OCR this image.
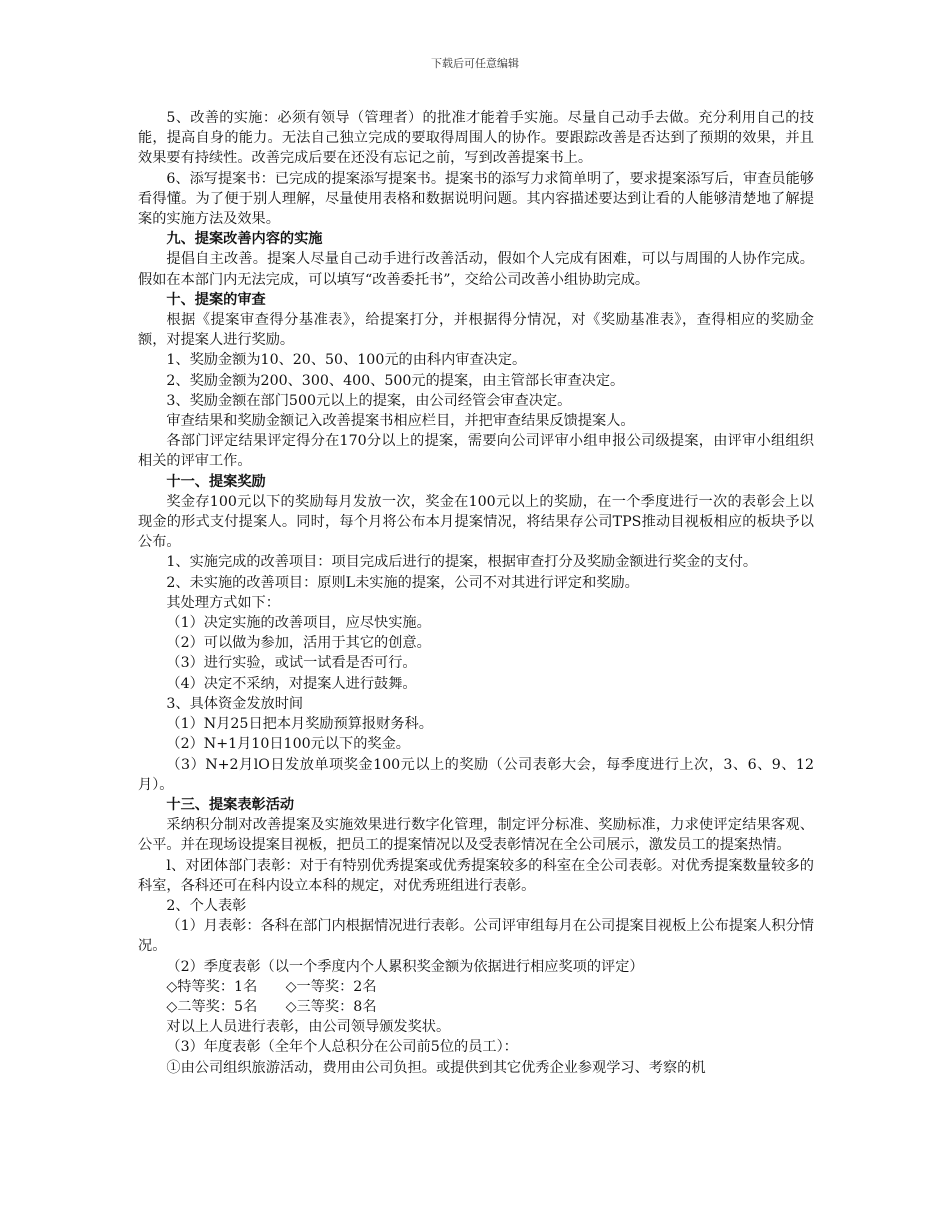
下载后可任意编辑

5、改善的实施：必须有领导（管理者）的批准才能着手实施。尽量自己动手去做。充分利用自己的技能，提高自身的能力。无法自己独立完成的要取得周围人的协作。要跟踪改善是否达到了预期的效果，并且效果要有持续性。改善完成后要在还没有忘记之前，写到改善提案书上。

6、添写提案书：已完成的提案添写提案书。提案书的添写力求简单明了，要求提案添写后，审查员能够看得懂。为了便于别人理解，尽量使用表格和数据说明问题。其内容描述要达到让看的人能够清楚地了解提案的实施方法及效果。

九、提案改善内容的实施

提倡自主改善。提案人尽量自己动手进行改善活动，假如个人完成有困难，可以与周围的人协作完成。假如在本部门内无法完成，可以填写“改善委托书”，交给公司改善小组协助完成。

十、提案的审查

根据《提案审查得分基准表》，给提案打分，并根据得分情况，对《奖励基准表》，查得相应的奖励金额，对提案人进行奖励。

1、奖励金额为10、20、50、100元的由科内审查决定。

2、奖励金额为200、300、400、500元的提案，由主管部长审查决定。

3、奖励金额在部门500元以上的提案，由公司经管会审查决定。

审查结果和奖励金额记入改善提案书相应栏目，并把审查结果反馈提案人。

各部门评定结果评定得分在170分以上的提案，需要向公司评审小组申报公司级提案，由评审小组组织相关的评审工作。

十一、提案奖励

奖金存100元以下的奖励每月发放一次，奖金在100元以上的奖励，在一个季度进行一次的表彰会上以现金的形式支付提案人。同时，每个月将公布本月提案情况，将结果存公司TPS推动目视板相应的板块予以公布。

1、实施完成的改善项目：项目完成后进行的提案，根据审查打分及奖励金额进行奖金的支付。

2、未实施的改善项目：原则L未实施的提案，公司不对其进行评定和奖励。

其处理方式如下：

（1）决定实施的改善项目，应尽快实施。

（2）可以做为参加，活用于其它的创意。

（3）进行实验，或试一试看是否可行。

（4）决定不采纳，对提案人进行鼓舞。

3、具体资金发放时间

（1）N月25日把本月奖励预算报财务科。

（2）N+1月10日100元以下的奖金。

（3）N+2月lO日发放单项奖金100元以上的奖励（公司表彰大会，每季度进行上次，3、6、9、12月）。

十三、提案表彰活动

采纳积分制对改善提案及实施效果进行数字化管理，制定评分标准、奖励标准，力求使评定结果客观、公平。并在现场设提案目视板，把员工的提案情况以及受表彰情况在全公司展示，激发员工的提案热情。

l、对团体部门表彰：对于有特别优秀提案或优秀提案较多的科室在全公司表彰。对优秀提案数量较多的科室，各科还可在科内设立本科的规定，对优秀班组进行表彰。

2、个人表彰

（1）月表彰：各科在部门内根据情况进行表彰。公司评审组每月在公司提案目视板上公布提案人积分情况。

（2）季度表彰（以一个季度内个人累积奖金额为依据进行相应奖项的评定）

◇特等奖：1名　　◇一等奖：2名

◇二等奖：5名　　◇三等奖：8名

对以上人员进行表彰，由公司领导颁发奖状。

（3）年度表彰（全年个人总积分在公司前5位的员工）：

①由公司组织旅游活动，费用由公司负担。或提供到其它优秀企业参观学习、考察的机
